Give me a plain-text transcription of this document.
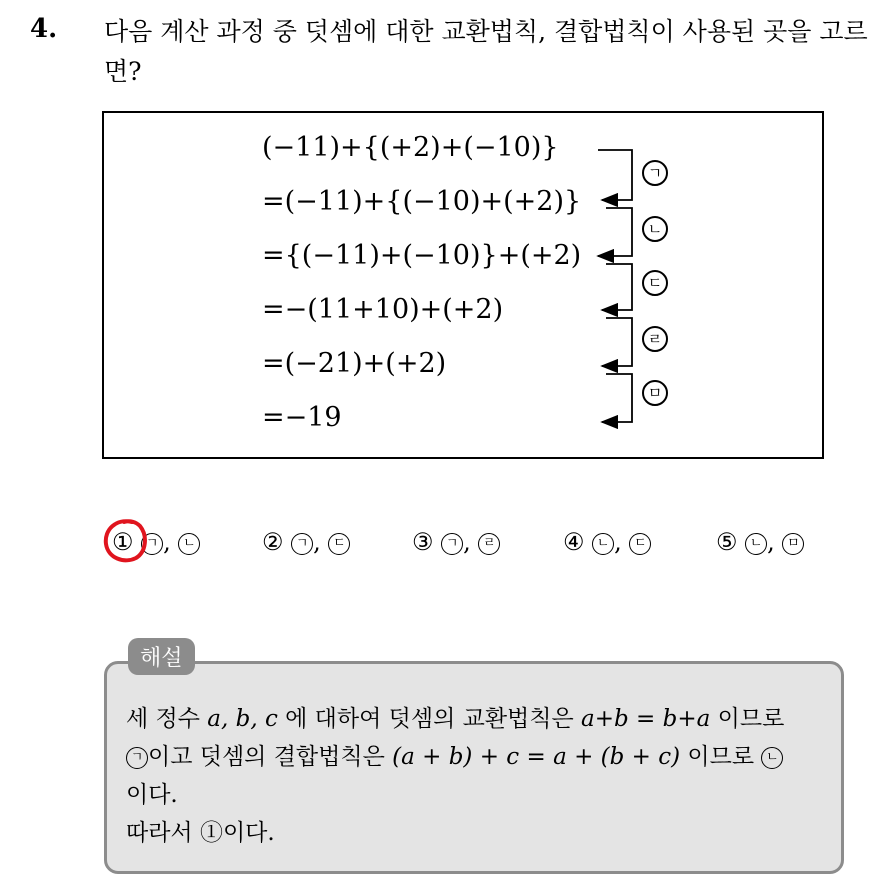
4. 다음 계산 과정 중 덧셈에 대한 교환법칙, 결합법칙이 사용된 곳을 고르면?
(−11)+{(+2)+(−10)}
=(−11)+{(−10)+(+2)}
={(−11)+(−10)}+(+2)
=−(11+10)+(+2)
=(−21)+(+2)
=−19
ㄱ
ㄴ
ㄷ
ㄹ
ㅁ
① ㄱ , ㄴ	② ㄱ , ㄷ	③ ㄱ , ㄹ	④ ㄴ , ㄷ	⑤ ㄴ , ㅁ
해설
세 정수 a, b, c 에 대하여 덧셈의 교환법칙은 a+b = b+a 이므로
ㄱ 이고 덧셈의 결합법칙은 (a + b) + c = a + (b + c) 이므로 ㄴ
이다.
따라서 ①이다.
